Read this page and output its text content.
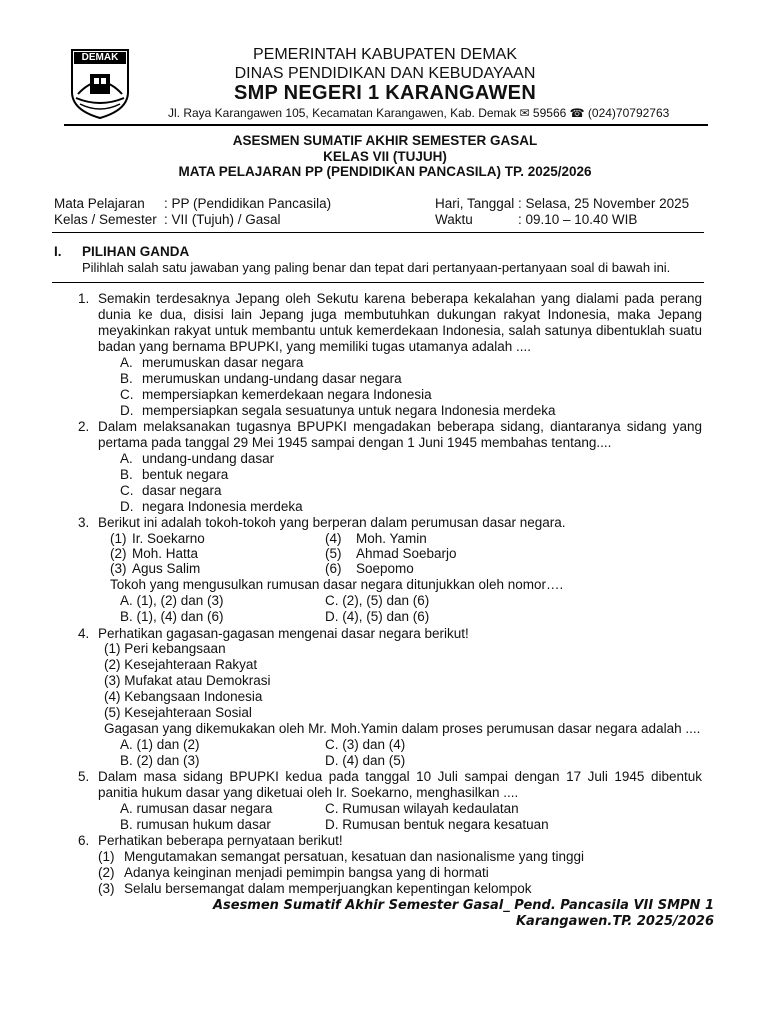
DEMAK	PEMERINTAH KABUPATEN DEMAK
DINAS PENDIDIKAN DAN KEBUDAYAAN
SMP NEGERI 1 KARANGAWEN
Jl. Raya Karangawen 105, Kecamatan Karangawen, Kab. Demak ✉ 59566 ☎ (024)70792763
ASESMEN SUMATIF AKHIR SEMESTER GASAL
KELAS VII (TUJUH)
MATA PELAJARAN PP (PENDIDIKAN PANCASILA) TP. 2025/2026
Mata Pelajaran : PP (Pendidikan Pancasila)
Kelas / Semester : VII (Tujuh) / Gasal
Hari, Tanggal : Selasa, 25 November 2025
Waktu	: 09.10 – 10.40 WIB
I. PILIHAN GANDA
Pilihlah salah satu jawaban yang paling benar dan tepat dari pertanyaan-pertanyaan soal di bawah ini.
1. Semakin terdesaknya Jepang oleh Sekutu karena beberapa kekalahan yang dialami pada perang dunia ke dua, disisi lain Jepang juga membutuhkan dukungan rakyat Indonesia, maka Jepang meyakinkan rakyat untuk membantu untuk kemerdekaan Indonesia, salah satunya dibentuklah suatu badan yang bernama BPUPKI, yang memiliki tugas utamanya adalah ....
A. merumuskan dasar negara
B. merumuskan undang-undang dasar negara
C. mempersiapkan kemerdekaan negara Indonesia
D. mempersiapkan segala sesuatunya untuk negara Indonesia merdeka
2. Dalam melaksanakan tugasnya BPUPKI mengadakan beberapa sidang, diantaranya sidang yang pertama pada tanggal 29 Mei 1945 sampai dengan 1 Juni 1945 membahas tentang....
A. undang-undang dasar
B. bentuk negara
C. dasar negara
D. negara Indonesia merdeka
3. Berikut ini adalah tokoh-tokoh yang berperan dalam perumusan dasar negara.
(1) Ir. Soekarno
(2) Moh. Hatta
(3) Agus Salim
(4) Moh. Yamin
(5) Ahmad Soebarjo
(6) Soepomo
Tokoh yang mengusulkan rumusan dasar negara ditunjukkan oleh nomor….
A. (1), (2) dan (3)
B. (1), (4) dan (6)
C. (2), (5) dan (6)
D. (4), (5) dan (6)
4. Perhatikan gagasan-gagasan mengenai dasar negara berikut!
(1) Peri kebangsaan
(2) Kesejahteraan Rakyat
(3) Mufakat atau Demokrasi
(4) Kebangsaan Indonesia
(5) Kesejahteraan Sosial
Gagasan yang dikemukakan oleh Mr. Moh.Yamin dalam proses perumusan dasar negara adalah ....
A. (1) dan (2)
B. (2) dan (3)
C. (3) dan (4)
D. (4) dan (5)
5. Dalam masa sidang BPUPKI kedua pada tanggal 10 Juli sampai dengan 17 Juli 1945 dibentuk panitia hukum dasar yang diketuai oleh Ir. Soekarno, menghasilkan ....
A. rumusan dasar negara
B. rumusan hukum dasar
C. Rumusan wilayah kedaulatan
D. Rumusan bentuk negara kesatuan
6. Perhatikan beberapa pernyataan berikut!
(1) Mengutamakan semangat persatuan, kesatuan dan nasionalisme yang tinggi
(2) Adanya keinginan menjadi pemimpin bangsa yang di hormati
(3) Selalu bersemangat dalam memperjuangkan kepentingan kelompok
Asesmen Sumatif Akhir Semester Gasal_ Pend. Pancasila VII SMPN 1
Karangawen.TP. 2025/2026
